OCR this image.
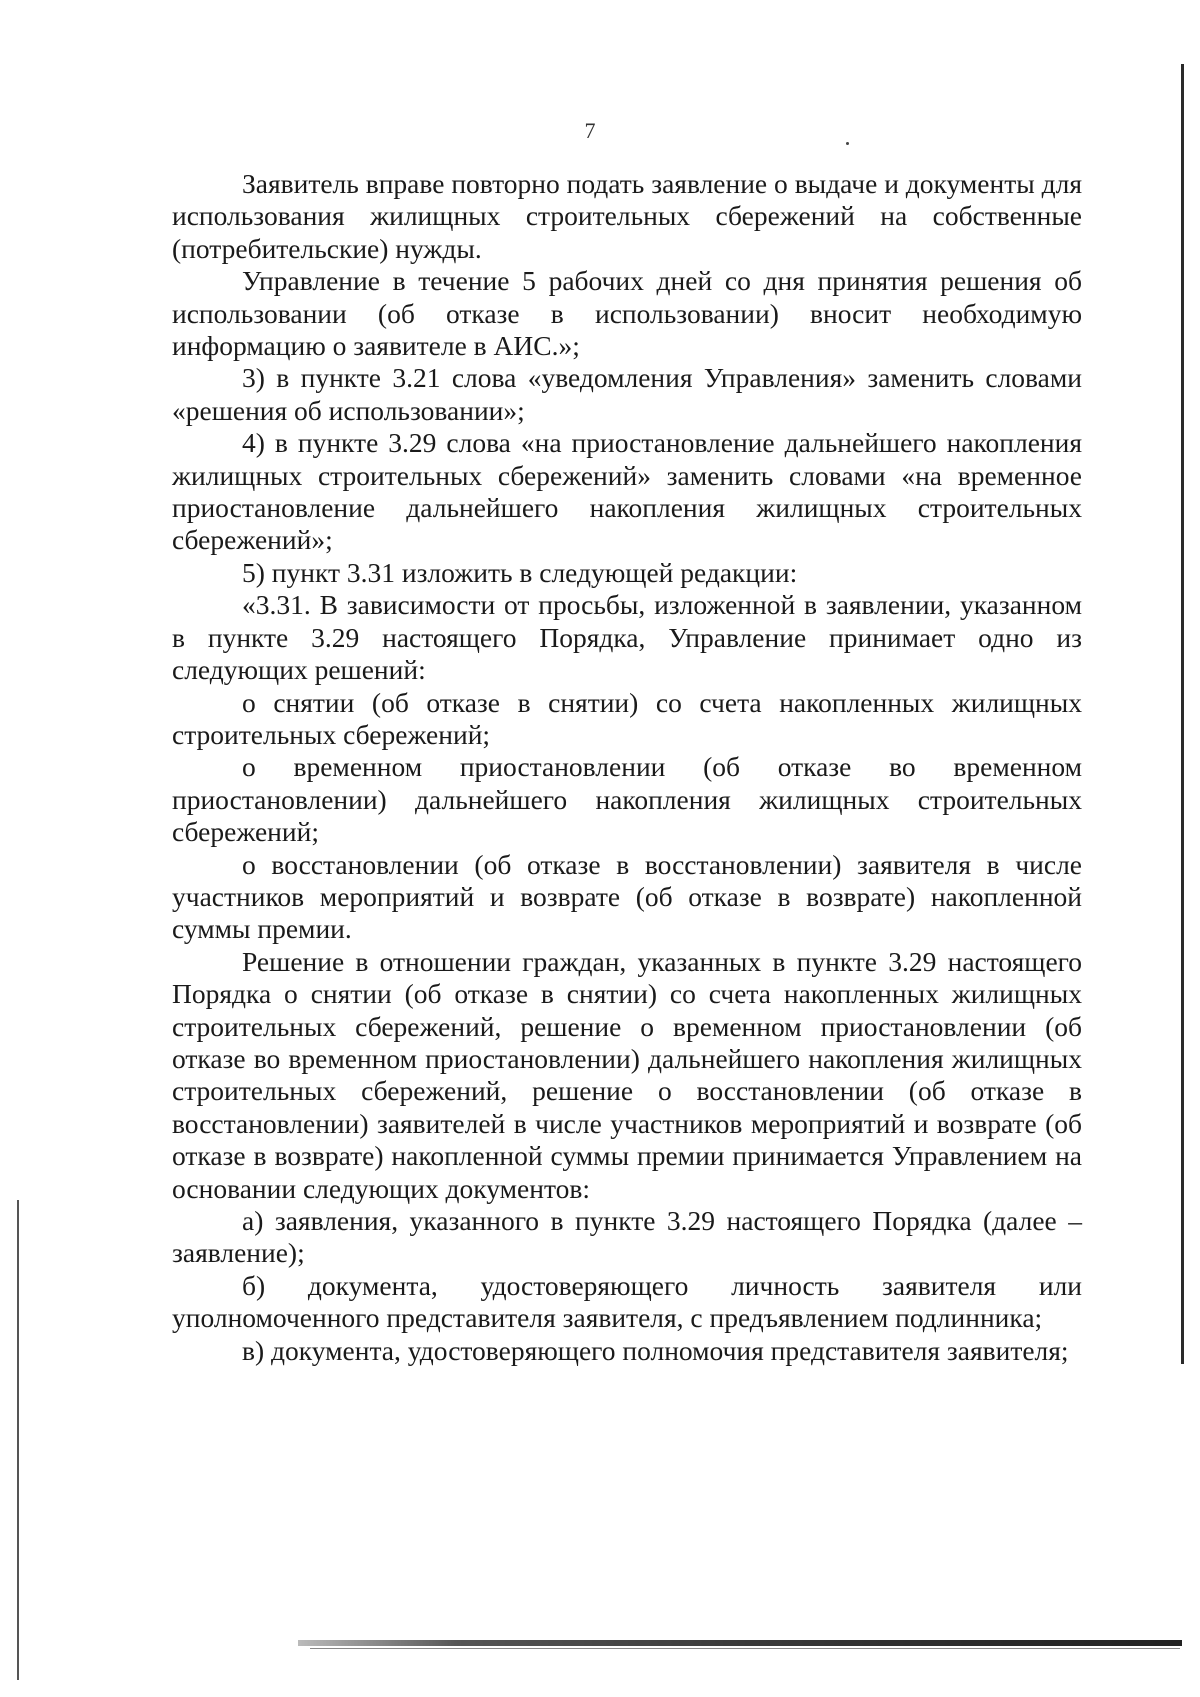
7

Заявитель вправе повторно подать заявление о выдаче и документы для использования жилищных строительных сбережений на собственные (потребительские) нужды.

Управление в течение 5 рабочих дней со дня принятия решения об использовании (об отказе в использовании) вносит необходимую информацию о заявителе в АИС.»;

3) в пункте 3.21 слова «уведомления Управления» заменить словами «решения об использовании»;

4) в пункте 3.29 слова «на приостановление дальнейшего накопления жилищных строительных сбережений» заменить словами «на временное приостановление дальнейшего накопления жилищных строительных сбережений»;

5) пункт 3.31 изложить в следующей редакции:

«3.31. В зависимости от просьбы, изложенной в заявлении, указанном в пункте 3.29 настоящего Порядка, Управление принимает одно из следующих решений:

о снятии (об отказе в снятии) со счета накопленных жилищных строительных сбережений;

о временном приостановлении (об отказе во временном приостановлении) дальнейшего накопления жилищных строительных сбережений;

о восстановлении (об отказе в восстановлении) заявителя в числе участников мероприятий и возврате (об отказе в возврате) накопленной суммы премии.

Решение в отношении граждан, указанных в пункте 3.29 настоящего Порядка о снятии (об отказе в снятии) со счета накопленных жилищных строительных сбережений, решение о временном приостановлении (об отказе во временном приостановлении) дальнейшего накопления жилищных строительных сбережений, решение о восстановлении (об отказе в восстановлении) заявителей в числе участников мероприятий и возврате (об отказе в возврате) накопленной суммы премии принимается Управлением на основании следующих документов:

а) заявления, указанного в пункте 3.29 настоящего Порядка (далее – заявление);

б) документа, удостоверяющего личность заявителя или уполномоченного представителя заявителя, с предъявлением подлинника;

в) документа, удостоверяющего полномочия представителя заявителя;
